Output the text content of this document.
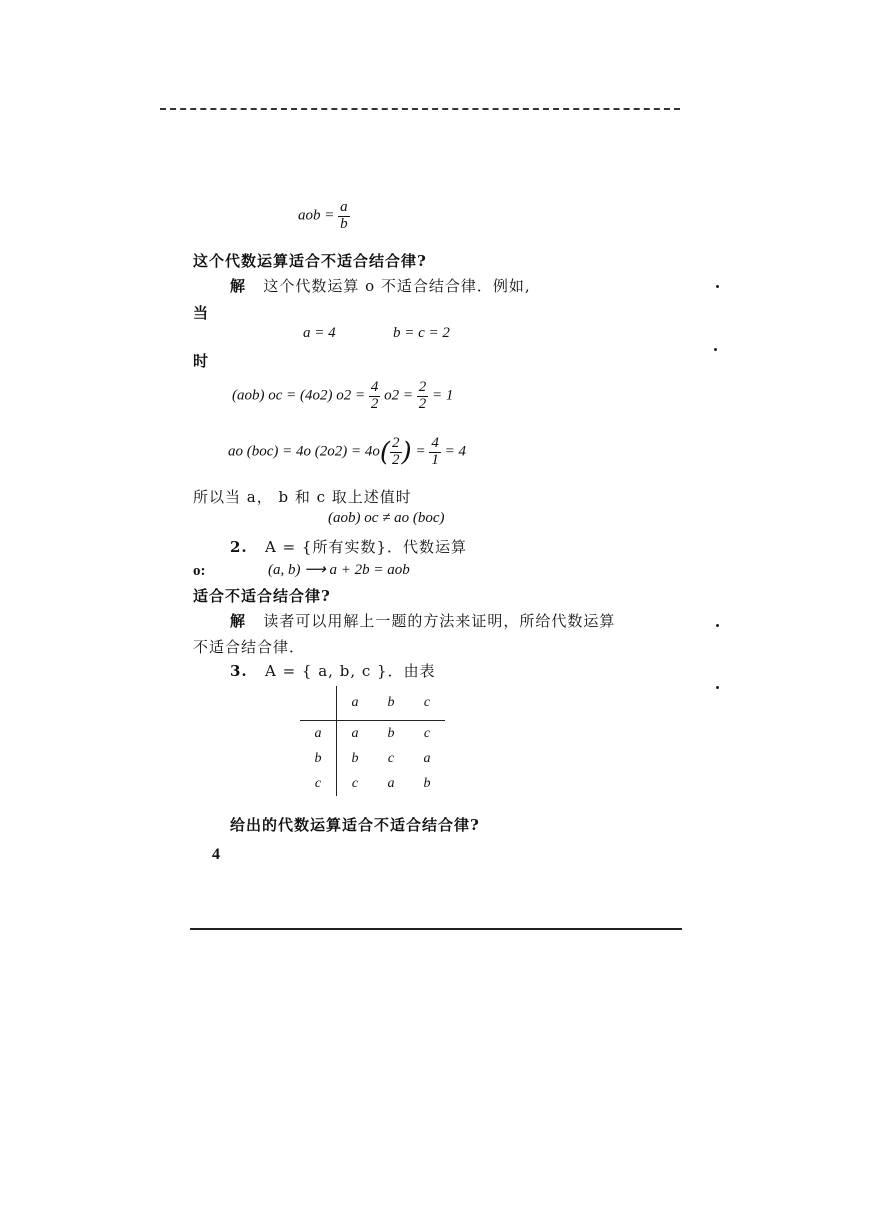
aob = $\frac{a}{b}$
这个代数运算适合不适合结合律?
解 这个代数运算 o 不适合结合律．例如,
当
a = 4	b = c = 2
时
(aob) oc = (4o2) $o2 = \frac{4}{2} o2 = \frac{2}{2} = 1$
ao (boc) = 4o $(2o2) = 4o( \frac{2}{2}$ ) = $\frac{4}{1} = 4$
所以当 a， b 和 c 取上述值时
(aob) oc ≠ ao (boc)
2. A = {所有实数}．代数运算
o:	(a, b) ⟶ a + 2b = aob
适合不适合结合律?
解 读者可以用解上一题的方法来证明，所给代数运算
不适合结合律．
3. A = { a, b, c }．由表
	a	b	c
a	a	b	c
b	b	c	a
c	c	a	b
给出的代数运算适合不适合结合律?
4
